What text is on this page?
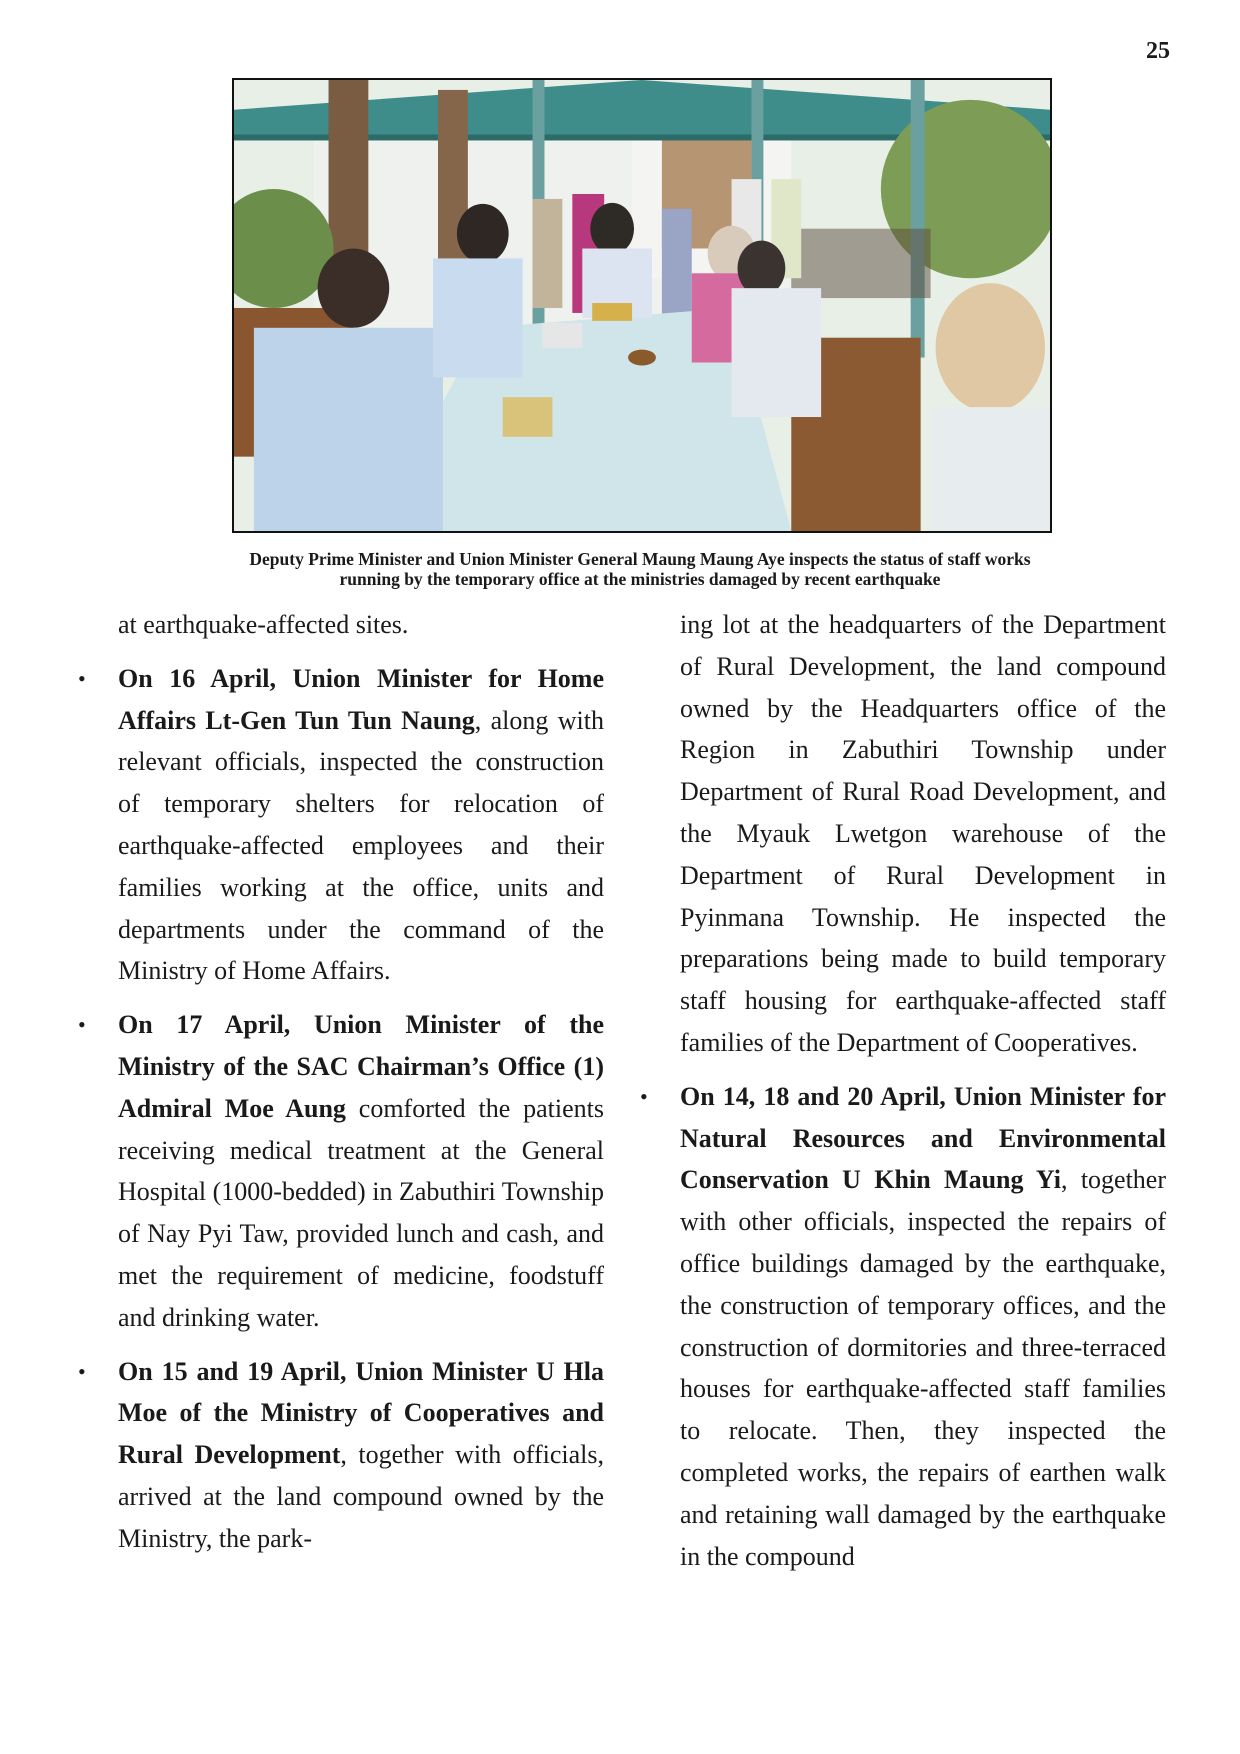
25
Deputy Prime Minister and Union Minister General Maung Maung Aye inspects the status of staff works
running by the temporary office at the ministries damaged by recent earthquake

at earthquake-affected sites.

• On 16 April, Union Minister for Home Affairs Lt-Gen Tun Tun Naung, along with relevant officials, inspected the construction of temporary shelters for relocation of earthquake-affected employees and their families working at the office, units and departments under the command of the Ministry of Home Affairs.
• On 17 April, Union Minister of the Ministry of the SAC Chairman’s Office (1) Admiral Moe Aung comforted the patients receiving medical treatment at the General Hospital (1000-bedded) in Zabuthiri Township of Nay Pyi Taw, provided lunch and cash, and met the requirement of medicine, foodstuff and drinking water.
• On 15 and 19 April, Union Minister U Hla Moe of the Ministry of Cooperatives and Rural Development, together with officials, arrived at the land compound owned by the Ministry, the park-

ing lot at the headquarters of the Department of Rural Development, the land compound owned by the Headquarters office of the Region in Zabuthiri Township under Department of Rural Road Development, and the Myauk Lwetgon warehouse of the Department of Rural Development in Pyinmana Township. He inspected the preparations being made to build temporary staff housing for earthquake-affected staff families of the Department of Cooperatives.

• On 14, 18 and 20 April, Union Minister for Natural Resources and Environmental Conservation U Khin Maung Yi, together with other officials, inspected the repairs of office buildings damaged by the earthquake, the construction of temporary offices, and the construction of dormitories and three-terraced houses for earthquake-affected staff families to relocate. Then, they inspected the completed works, the repairs of earthen walk and retaining wall damaged by the earthquake in the compound
